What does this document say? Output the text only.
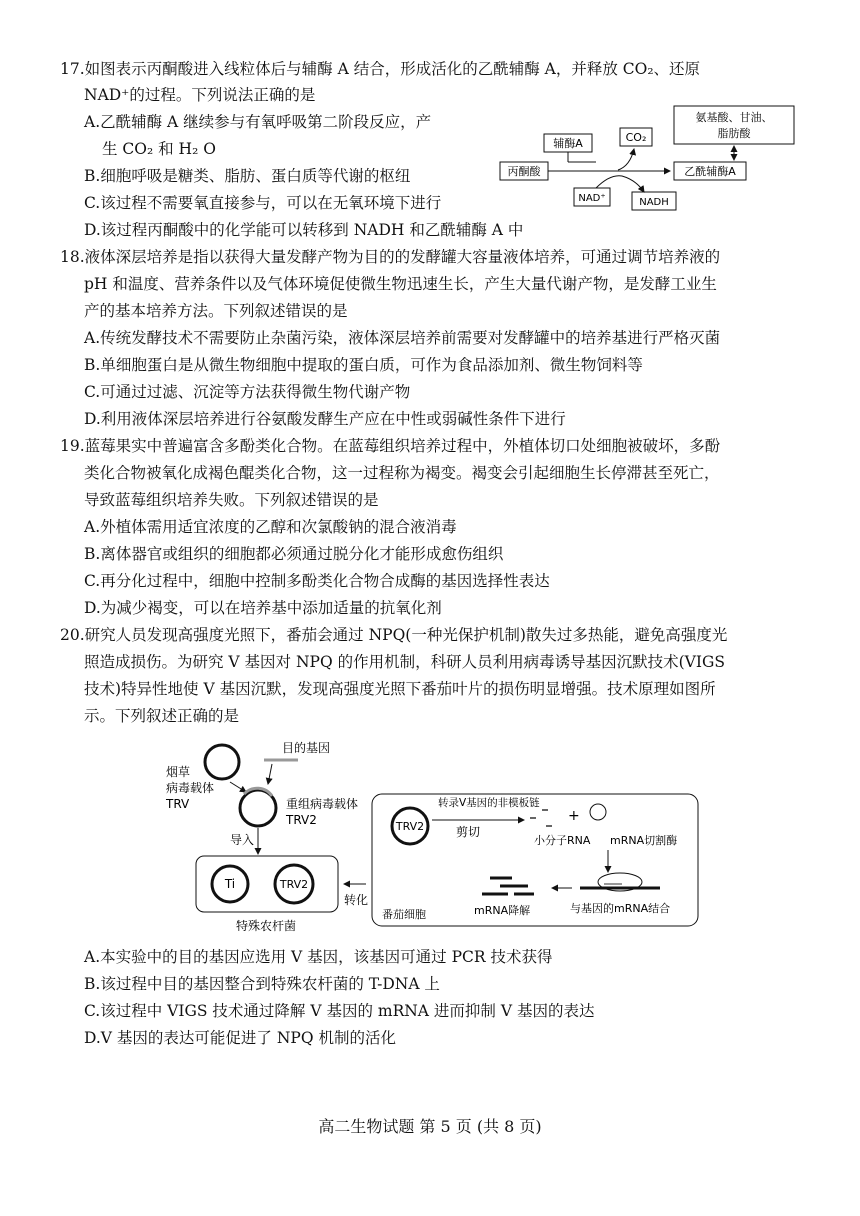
17.如图表示丙酮酸进入线粒体后与辅酶 A 结合，形成活化的乙酰辅酶 A，并释放 CO₂、还原
NAD⁺的过程。下列说法正确的是
A.乙酰辅酶 A 继续参与有氧呼吸第二阶段反应，产
生 CO₂ 和 H₂ O
B.细胞呼吸是糖类、脂肪、蛋白质等代谢的枢纽
C.该过程不需要氧直接参与，可以在无氧环境下进行
D.该过程丙酮酸中的化学能可以转移到 NADH 和乙酰辅酶 A 中
氨基酸、甘油、
脂肪酸
辅酶A	CO₂
丙酮酸	乙酰辅酶A
NAD⁺	NADH
18.液体深层培养是指以获得大量发酵产物为目的的发酵罐大容量液体培养，可通过调节培养液的
pH 和温度、营养条件以及气体环境促使微生物迅速生长，产生大量代谢产物，是发酵工业生
产的基本培养方法。下列叙述错误的是
A.传统发酵技术不需要防止杂菌污染，液体深层培养前需要对发酵罐中的培养基进行严格灭菌
B.单细胞蛋白是从微生物细胞中提取的蛋白质，可作为食品添加剂、微生物饲料等
C.可通过过滤、沉淀等方法获得微生物代谢产物
D.利用液体深层培养进行谷氨酸发酵生产应在中性或弱碱性条件下进行
19.蓝莓果实中普遍富含多酚类化合物。在蓝莓组织培养过程中，外植体切口处细胞被破坏，多酚
类化合物被氧化成褐色醌类化合物，这一过程称为褐变。褐变会引起细胞生长停滞甚至死亡，
导致蓝莓组织培养失败。下列叙述错误的是
A.外植体需用适宜浓度的乙醇和次氯酸钠的混合液消毒
B.离体器官或组织的细胞都必须通过脱分化才能形成愈伤组织
C.再分化过程中，细胞中控制多酚类化合物合成酶的基因选择性表达
D.为减少褐变，可以在培养基中添加适量的抗氧化剂
20.研究人员发现高强度光照下，番茄会通过 NPQ(一种光保护机制)散失过多热能，避免高强度光
照造成损伤。为研究 V 基因对 NPQ 的作用机制，科研人员利用病毒诱导基因沉默技术(VIGS
技术)特异性地使 V 基因沉默，发现高强度光照下番茄叶片的损伤明显增强。技术原理如图所
示。下列叙述正确的是
烟草
病毒载体
TRV
目的基因
重组病毒载体
TRV2
导入
Ti	TRV2
特殊农杆菌
转化
TRV2
转录V基因的非模板链
剪切
+
小分子RNA mRNA切割酶
与基因的mRNA结合
mRNA降解
番茄细胞
A.本实验中的目的基因应选用 V 基因，该基因可通过 PCR 技术获得
B.该过程中目的基因整合到特殊农杆菌的 T-DNA 上
C.该过程中 VIGS 技术通过降解 V 基因的 mRNA 进而抑制 V 基因的表达
D.V 基因的表达可能促进了 NPQ 机制的活化
高二生物试题 第 5 页 (共 8 页)
